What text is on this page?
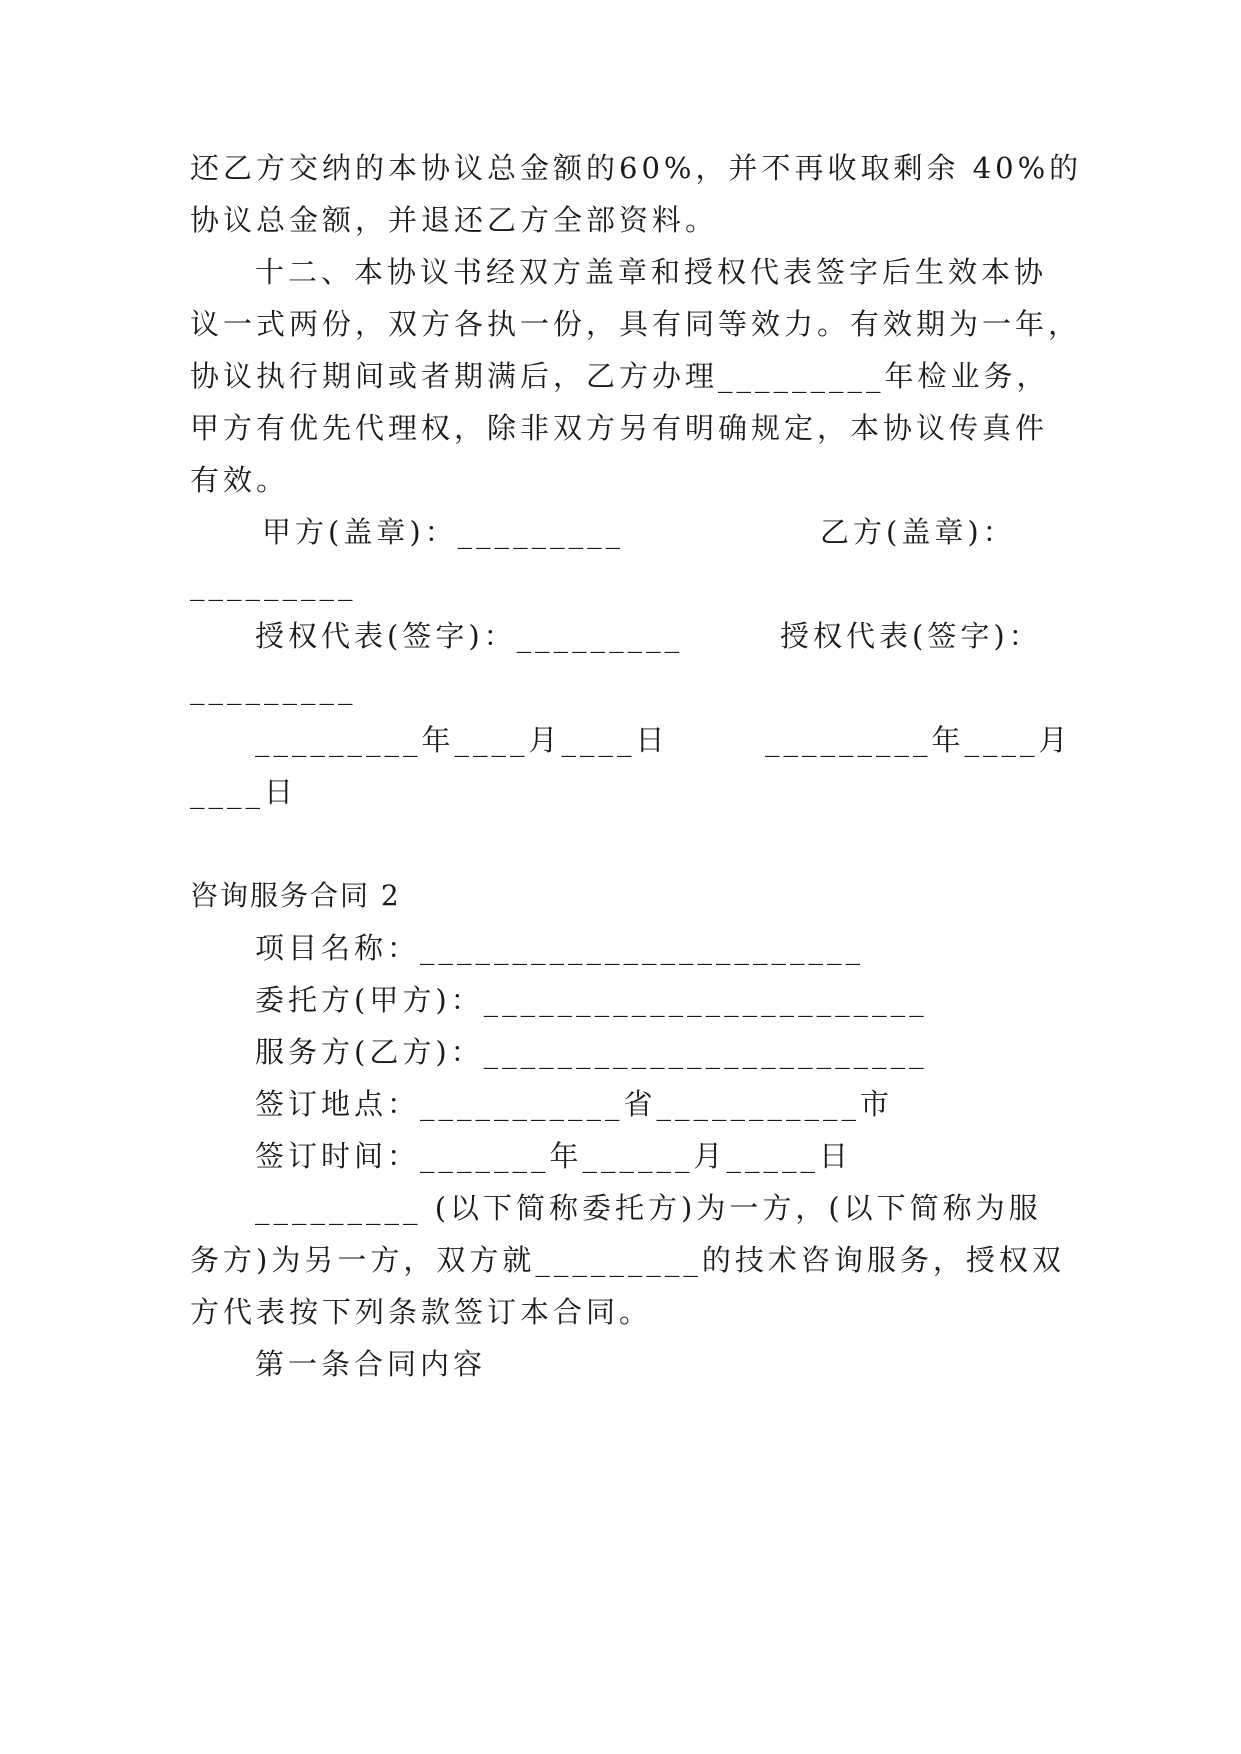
还乙方交纳的本协议总金额的60%，并不再收取剩余 40%的
协议总金额，并退还乙方全部资料。
十二、本协议书经双方盖章和授权代表签字后生效本协
议一式两份，双方各执一份，具有同等效力。有效期为一年，
协议执行期间或者期满后，乙方办理_________年检业务，
甲方有优先代理权，除非双方另有明确规定，本协议传真件
有效。
甲方(盖章)：_________	乙方(盖章)：
_________
授权代表(签字)：_________	授权代表(签字)：
_________
_________年____月____日	_________年____月
____日
咨询服务合同 2
项目名称：________________________
委托方(甲方)：________________________
服务方(乙方)：________________________
签订地点：___________省___________市
签订时间：_______年______月_____日
_________ (以下简称委托方)为一方，(以下简称为服
务方)为另一方，双方就_________的技术咨询服务，授权双
方代表按下列条款签订本合同。
第一条合同内容
